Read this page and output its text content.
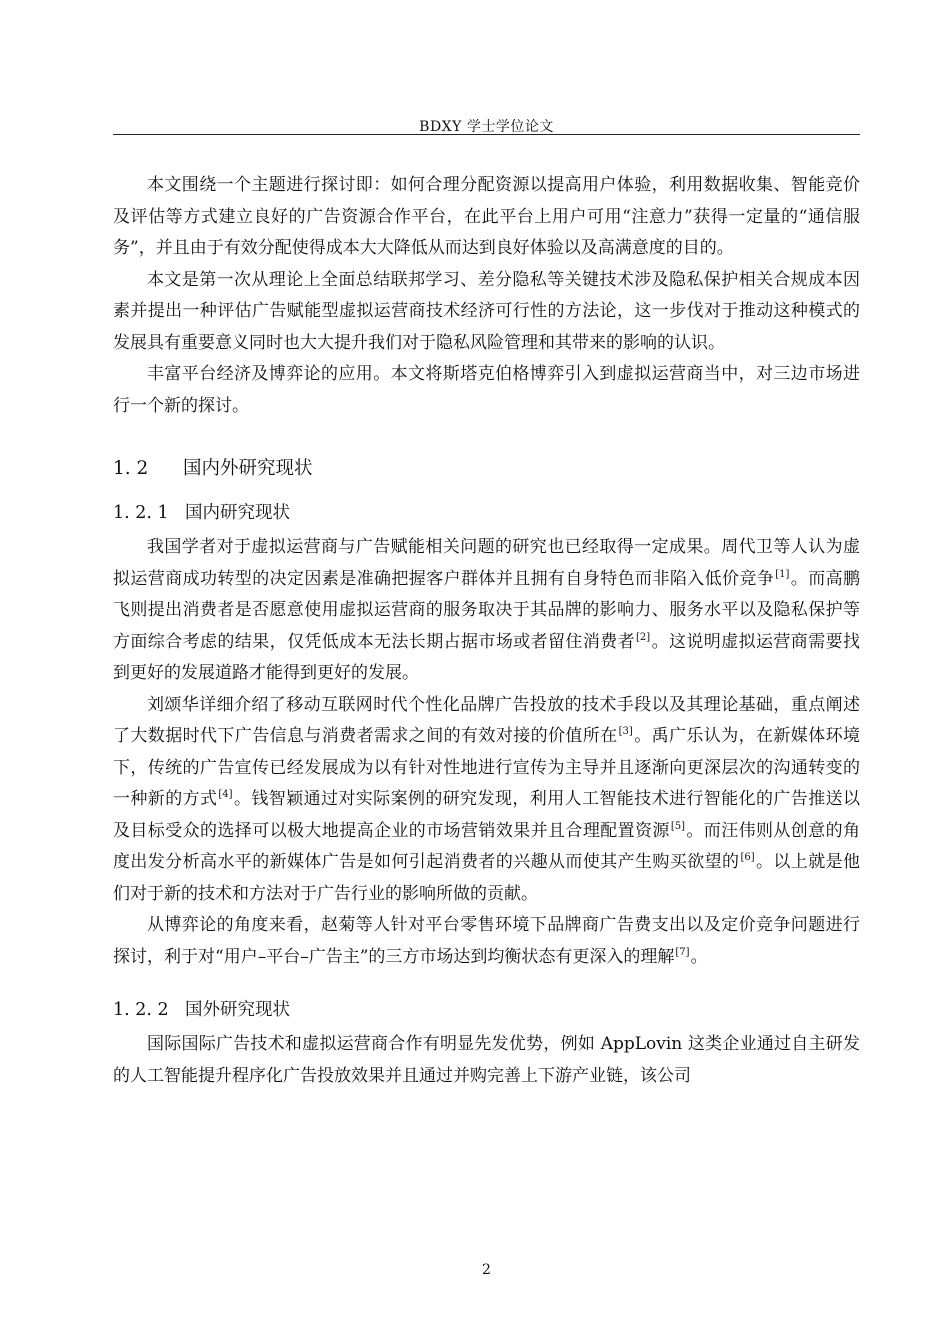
BDXY 学士学位论文

本文围绕一个主题进行探讨即：如何合理分配资源以提高用户体验，利用数据收集、智能竞价及评估等方式建立良好的广告资源合作平台，在此平台上用户可用“注意力”获得一定量的“通信服务”，并且由于有效分配使得成本大大降低从而达到良好体验以及高满意度的目的。

本文是第一次从理论上全面总结联邦学习、差分隐私等关键技术涉及隐私保护相关合规成本因素并提出一种评估广告赋能型虚拟运营商技术经济可行性的方法论，这一步伐对于推动这种模式的发展具有重要意义同时也大大提升我们对于隐私风险管理和其带来的影响的认识。

丰富平台经济及博弈论的应用。本文将斯塔克伯格博弈引入到虚拟运营商当中，对三边市场进行一个新的探讨。

1. 2 国内外研究现状
1. 2. 1 国内研究现状

我国学者对于虚拟运营商与广告赋能相关问题的研究也已经取得一定成果。周代卫等人认为虚拟运营商成功转型的决定因素是准确把握客户群体并且拥有自身特色而非陷入低价竞争[1]。而高鹏飞则提出消费者是否愿意使用虚拟运营商的服务取决于其品牌的影响力、服务水平以及隐私保护等方面综合考虑的结果，仅凭低成本无法长期占据市场或者留住消费者[2]。这说明虚拟运营商需要找到更好的发展道路才能得到更好的发展。

刘颂华详细介绍了移动互联网时代个性化品牌广告投放的技术手段以及其理论基础，重点阐述了大数据时代下广告信息与消费者需求之间的有效对接的价值所在[3]。禹广乐认为，在新媒体环境下，传统的广告宣传已经发展成为以有针对性地进行宣传为主导并且逐渐向更深层次的沟通转变的一种新的方式[4]。钱智颖通过对实际案例的研究发现，利用人工智能技术进行智能化的广告推送以及目标受众的选择可以极大地提高企业的市场营销效果并且合理配置资源[5]。而汪伟则从创意的角度出发分析高水平的新媒体广告是如何引起消费者的兴趣从而使其产生购买欲望的[6]。以上就是他们对于新的技术和方法对于广告行业的影响所做的贡献。

从博弈论的角度来看，赵菊等人针对平台零售环境下品牌商广告费支出以及定价竞争问题进行探讨，利于对“用户–平台–广告主”的三方市场达到均衡状态有更深入的理解[7]。

1. 2. 2 国外研究现状

国际国际广告技术和虚拟运营商合作有明显先发优势，例如 AppLovin 这类企业通过自主研发的人工智能提升程序化广告投放效果并且通过并购完善上下游产业链，该公司

2
